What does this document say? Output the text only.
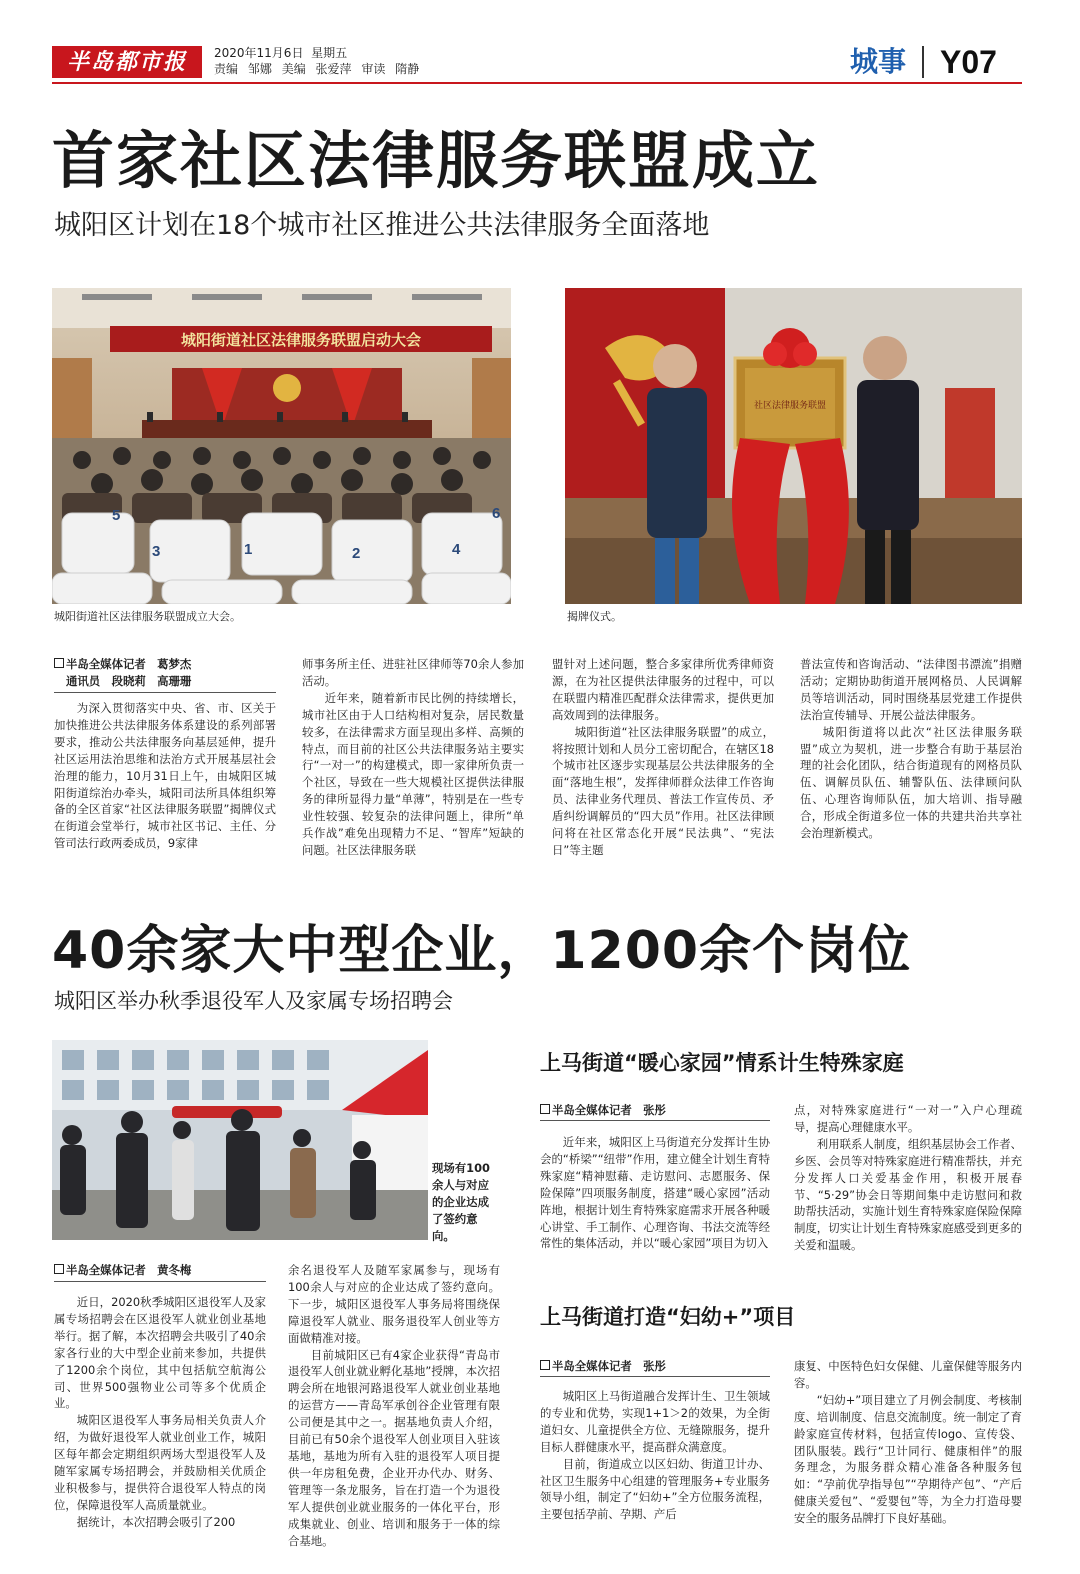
半岛都市报	2020年11月6日 星期五
责编 邹娜 美编 张爱萍 审读 隋静	城事 Y07
首家社区法律服务联盟成立
城阳区计划在18个城市社区推进公共法律服务全面落地
城阳街道社区法律服务联盟启动大会
5
3	1	2	4
6
城阳街道社区法律服务联盟成立大会。
社区法律服务联盟
揭牌仪式。
半岛全媒体记者　葛梦杰
通讯员　段晓莉　高珊珊

为深入贯彻落实中央、省、市、区关于加快推进公共法律服务体系建设的系列部署要求，推动公共法律服务向基层延伸，提升社区运用法治思维和法治方式开展基层社会治理的能力，10月31日上午，由城阳区城阳街道综治办牵头，城阳司法所具体组织筹备的全区首家“社区法律服务联盟”揭牌仪式在街道会堂举行，城市社区书记、主任、分管司法行政两委成员，9家律

师事务所主任、进驻社区律师等70余人参加活动。

近年来，随着新市民比例的持续增长，城市社区由于人口结构相对复杂，居民数量较多，在法律需求方面呈现出多样、高频的特点，而目前的社区公共法律服务站主要实行“一对一”的构建模式，即一家律所负责一个社区，导致在一些大规模社区提供法律服务的律所显得力量“单薄”，特别是在一些专业性较强、较复杂的法律问题上，律所“单兵作战”难免出现精力不足、“智库”短缺的问题。社区法律服务联

盟针对上述问题，整合多家律所优秀律师资源，在为社区提供法律服务的过程中，可以在联盟内精准匹配群众法律需求，提供更加高效周到的法律服务。

城阳街道“社区法律服务联盟”的成立，将按照计划和人员分工密切配合，在辖区18个城市社区逐步实现基层公共法律服务的全面“落地生根”，发挥律师群众法律工作咨询员、法律业务代理员、普法工作宣传员、矛盾纠纷调解员的“四大员”作用。社区法律顾问将在社区常态化开展“民法典”、“宪法日”等主题

普法宣传和咨询活动、“法律图书漂流”捐赠活动；定期协助街道开展网格员、人民调解员等培训活动，同时围绕基层党建工作提供法治宣传辅导、开展公益法律服务。

城阳街道将以此次“社区法律服务联盟”成立为契机，进一步整合有助于基层治理的社会化团队，结合街道现有的网格员队伍、调解员队伍、辅警队伍、法律顾问队伍、心理咨询师队伍，加大培训、指导融合，形成全街道多位一体的共建共治共享社会治理新模式。

40余家大中型企业，1200余个岗位
城阳区举办秋季退役军人及家属专场招聘会
现场有100余人与对应的企业达成了签约意向。
半岛全媒体记者　黄冬梅

近日，2020秋季城阳区退役军人及家属专场招聘会在区退役军人就业创业基地举行。据了解，本次招聘会共吸引了40余家各行业的大中型企业前来参加，共提供了1200余个岗位，其中包括航空航海公司、世界500强物业公司等多个优质企业。

城阳区退役军人事务局相关负责人介绍，为做好退役军人就业创业工作，城阳区每年都会定期组织两场大型退役军人及随军家属专场招聘会，并鼓励相关优质企业积极参与，提供符合退役军人特点的岗位，保障退役军人高质量就业。

据统计，本次招聘会吸引了200

余名退役军人及随军家属参与，现场有100余人与对应的企业达成了签约意向。下一步，城阳区退役军人事务局将围绕保障退役军人就业、服务退役军人创业等方面做精准对接。

目前城阳区已有4家企业获得“青岛市退役军人创业就业孵化基地”授牌，本次招聘会所在地银河路退役军人就业创业基地的运营方——青岛军承创谷企业管理有限公司便是其中之一。据基地负责人介绍，目前已有50余个退役军人创业项目入驻该基地，基地为所有入驻的退役军人项目提供一年房租免费，企业开办代办、财务、管理等一条龙服务，旨在打造一个为退役军人提供创业就业服务的一体化平台，形成集就业、创业、培训和服务于一体的综合基地。

上马街道“暖心家园”情系计生特殊家庭
半岛全媒体记者　张彤

近年来，城阳区上马街道充分发挥计生协会的“桥梁”“纽带”作用，建立健全计划生育特殊家庭“精神慰藉、走访慰问、志愿服务、保险保障”四项服务制度，搭建“暖心家园”活动阵地，根据计划生育特殊家庭需求开展各种暖心讲堂、手工制作、心理咨询、书法交流等经常性的集体活动，并以“暖心家园”项目为切入

点，对特殊家庭进行“一对一”入户心理疏导，提高心理健康水平。

利用联系人制度，组织基层协会工作者、乡医、会员等对特殊家庭进行精准帮扶，并充分发挥人口关爱基金作用，积极开展春节、“5·29”协会日等期间集中走访慰问和救助帮扶活动，实施计划生育特殊家庭保险保障制度，切实让计划生育特殊家庭感受到更多的关爱和温暖。

上马街道打造“妇幼+”项目
半岛全媒体记者　张彤

城阳区上马街道融合发挥计生、卫生领域的专业和优势，实现1+1＞2的效果，为全街道妇女、儿童提供全方位、无缝隙服务，提升目标人群健康水平，提高群众满意度。

目前，街道成立以区妇幼、街道卫计办、社区卫生服务中心组建的管理服务+专业服务领导小组，制定了“妇幼+”全方位服务流程，主要包括孕前、孕期、产后

康复、中医特色妇女保健、儿童保健等服务内容。

“妇幼+”项目建立了月例会制度、考核制度、培训制度、信息交流制度。统一制定了育龄家庭宣传材料，包括宣传logo、宣传袋、团队服装。践行“卫计同行、健康相伴”的服务理念，为服务群众精心准备各种服务包如：“孕前优孕指导包”“孕期待产包”、“产后健康关爱包”、“爱婴包”等，为全力打造母婴安全的服务品牌打下良好基础。
